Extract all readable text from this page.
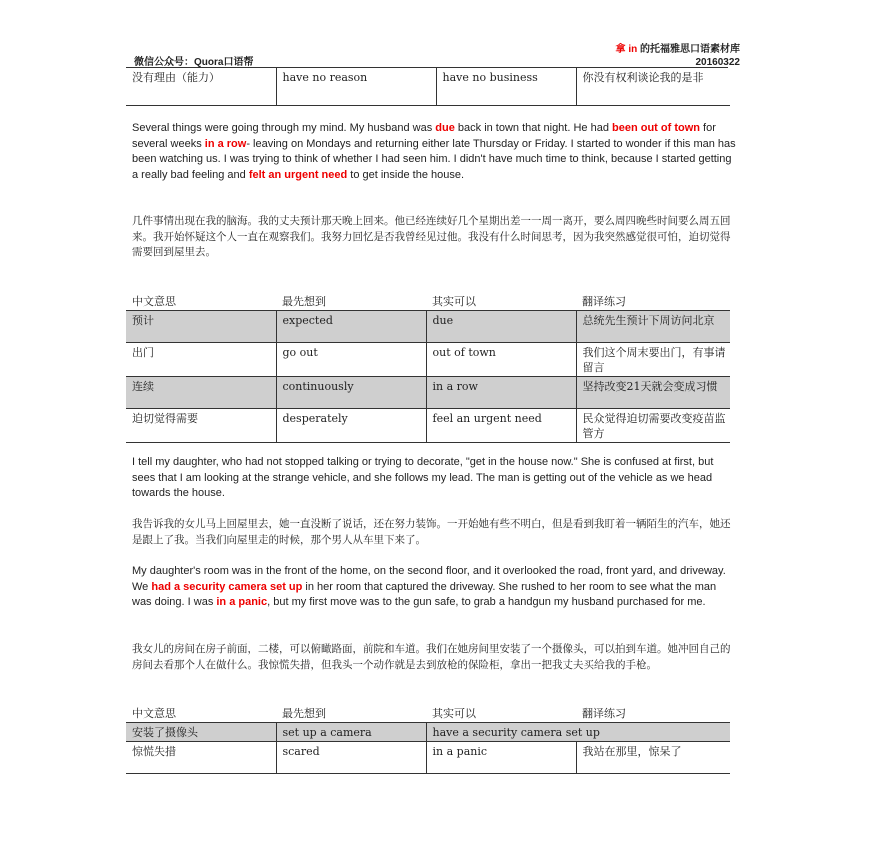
微信公众号：Quora口语帮
拿 in 的托福雅思口语素材库
20160322
没有理由（能力）	have no reason	have no business	你没有权利谈论我的是非
Several things were going through my mind. My husband was due back in town that night. He had been out of town for several weeks in a row- leaving on Mondays and returning either late Thursday or Friday. I started to wonder if this man has been watching us. I was trying to think of whether I had seen him. I didn't have much time to think, because I started getting a really bad feeling and felt an urgent need to get inside the house.
几件事情出现在我的脑海。我的丈夫预计那天晚上回来。他已经连续好几个星期出差一一周一离开，要么周四晚些时间要么周五回来。我开始怀疑这个人一直在观察我们。我努力回忆是否我曾经见过他。我没有什么时间思考，因为我突然感觉很可怕，迫切觉得需要回到屋里去。
中文意思	最先想到	其实可以	翻译练习
预计	expected	due	总统先生预计下周访问北京
出门	go out	out of town	我们这个周末要出门，有事请留言
连续	continuously	in a row	坚持改变21天就会变成习惯
迫切觉得需要	desperately	feel an urgent need	民众觉得迫切需要改变疫苗监管方
I tell my daughter, who had not stopped talking or trying to decorate, "get in the house now." She is confused at first, but sees that I am looking at the strange vehicle, and she follows my lead. The man is getting out of the vehicle as we head towards the house.
我告诉我的女儿马上回屋里去，她一直没断了说话，还在努力装饰。一开始她有些不明白，但是看到我盯着一辆陌生的汽车，她还是跟上了我。当我们向屋里走的时候，那个男人从车里下来了。
My daughter's room was in the front of the home, on the second floor, and it overlooked the road, front yard, and driveway. We had a security camera set up in her room that captured the driveway. She rushed to her room to see what the man was doing. I was in a panic, but my first move was to the gun safe, to grab a handgun my husband purchased for me.
我女儿的房间在房子前面，二楼，可以俯瞰路面，前院和车道。我们在她房间里安装了一个摄像头，可以拍到车道。她冲回自己的房间去看那个人在做什么。我惊慌失措，但我头一个动作就是去到放枪的保险柜，拿出一把我丈夫买给我的手枪。
中文意思	最先想到	其实可以	翻译练习
安装了摄像头	set up a camera	have a security camera set up	
惊慌失措	scared	in a panic	我站在那里，惊呆了
